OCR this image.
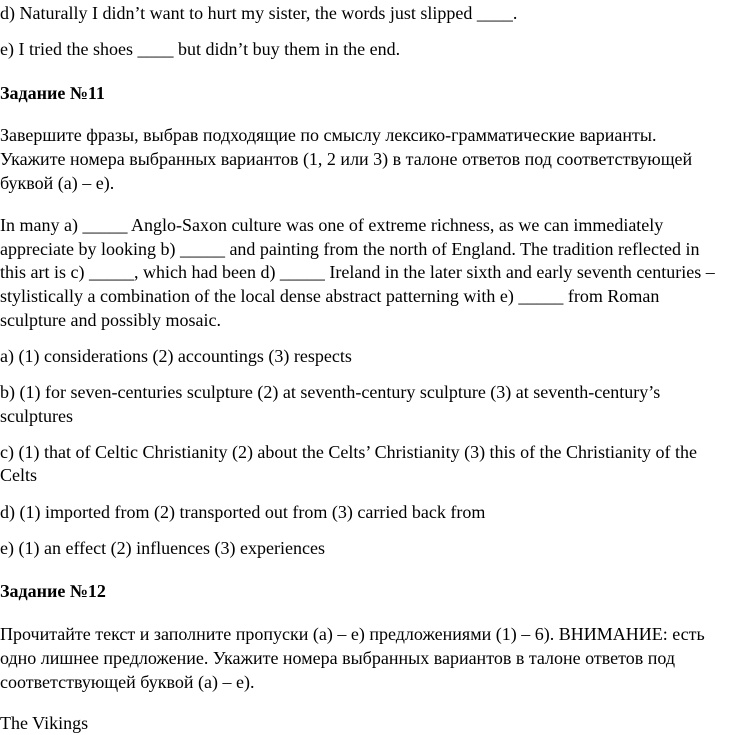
d) Naturally I didn’t want to hurt my sister, the words just slipped ____.
e) I tried the shoes ____ but didn’t buy them in the end.
Задание №11
Завершите фразы, выбрав подходящие по смыслу лексико-грамматические варианты.
Укажите номера выбранных вариантов (1, 2 или 3) в талоне ответов под соответствующей
буквой (а) – е).
In many a) _____ Anglo-Saxon culture was one of extreme richness, as we can immediately
appreciate by looking b) _____ and painting from the north of England. The tradition reflected in
this art is c) _____, which had been d) _____ Ireland in the later sixth and early seventh centuries –
stylistically a combination of the local dense abstract patterning with e) _____ from Roman
sculpture and possibly mosaic.
a) (1) considerations (2) accountings (3) respects
b) (1) for seven-centuries sculpture (2) at seventh-century sculpture (3) at seventh-century’s
sculptures
c) (1) that of Celtic Christianity (2) about the Celts’ Christianity (3) this of the Christianity of the
Celts
d) (1) imported from (2) transported out from (3) carried back from
e) (1) an effect (2) influences (3) experiences
Задание №12
Прочитайте текст и заполните пропуски (а) – е) предложениями (1) – 6). ВНИМАНИЕ: есть
одно лишнее предложение. Укажите номера выбранных вариантов в талоне ответов под
соответствующей буквой (а) – е).
The Vikings
